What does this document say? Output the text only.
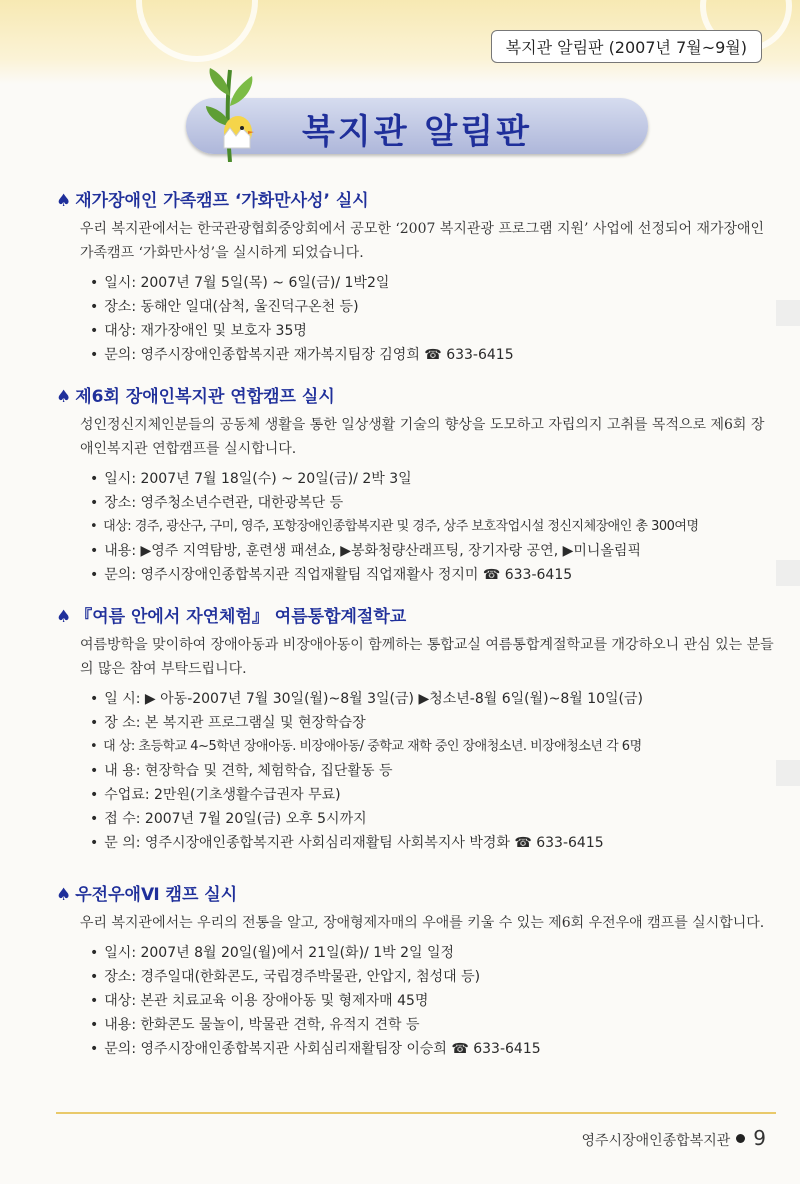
복지관 알림판 (2007년 7월~9월)
복지관 알림판
♠ 재가장애인 가족캠프 ‘가화만사성’ 실시
우리 복지관에서는 한국관광협회중앙회에서 공모한 ‘2007 복지관광 프로그램 지원’ 사업에 선정되어 재가장애인 가족캠프 ‘가화만사성’을 실시하게 되었습니다.
• 일시: 2007년 7월 5일(목) ~ 6일(금)/ 1박2일
• 장소: 동해안 일대(삼척, 울진덕구온천 등)
• 대상: 재가장애인 및 보호자 35명
• 문의: 영주시장애인종합복지관 재가복지팀장 김영희 ☎ 633-6415
♠ 제6회 장애인복지관 연합캠프 실시
성인정신지체인분들의 공동체 생활을 통한 일상생활 기술의 향상을 도모하고 자립의지 고취를 목적으로 제6회 장애인복지관 연합캠프를 실시합니다.
• 일시: 2007년 7월 18일(수) ~ 20일(금)/ 2박 3일
• 장소: 영주청소년수련관, 대한광복단 등
• 대상: 경주, 광산구, 구미, 영주, 포항장애인종합복지관 및 경주, 상주 보호작업시설 정신지체장애인 총 300여명
• 내용: ▶영주 지역탐방, 훈련생 패션쇼, ▶봉화청량산래프팅, 장기자랑 공연, ▶미니올림픽
• 문의: 영주시장애인종합복지관 직업재활팀 직업재활사 정지미 ☎ 633-6415
♠ 『여름 안에서 자연체험』 여름통합계절학교
여름방학을 맞이하여 장애아동과 비장애아동이 함께하는 통합교실 여름통합계절학교를 개강하오니 관심 있는 분들의 많은 참여 부탁드립니다.
• 일 시: ▶ 아동-2007년 7월 30일(월)~8월 3일(금) ▶청소년-8월 6일(월)~8월 10일(금)
• 장 소: 본 복지관 프로그램실 및 현장학습장
• 대 상: 초등학교 4~5학년 장애아동. 비장애아동/ 중학교 재학 중인 장애청소년. 비장애청소년 각 6명
• 내 용: 현장학습 및 견학, 체험학습, 집단활동 등
• 수업료: 2만원(기초생활수급권자 무료)
• 접 수: 2007년 7월 20일(금) 오후 5시까지
• 문 의: 영주시장애인종합복지관 사회심리재활팀 사회복지사 박경화 ☎ 633-6415
♠ 우전우애Ⅵ 캠프 실시
우리 복지관에서는 우리의 전통을 알고, 장애형제자매의 우애를 키울 수 있는 제6회 우전우애 캠프를 실시합니다.
• 일시: 2007년 8월 20일(월)에서 21일(화)/ 1박 2일 일정
• 장소: 경주일대(한화콘도, 국립경주박물관, 안압지, 첨성대 등)
• 대상: 본관 치료교육 이용 장애아동 및 형제자매 45명
• 내용: 한화콘도 물놀이, 박물관 견학, 유적지 견학 등
• 문의: 영주시장애인종합복지관 사회심리재활팀장 이승희 ☎ 633-6415
영주시장애인종합복지관 9
